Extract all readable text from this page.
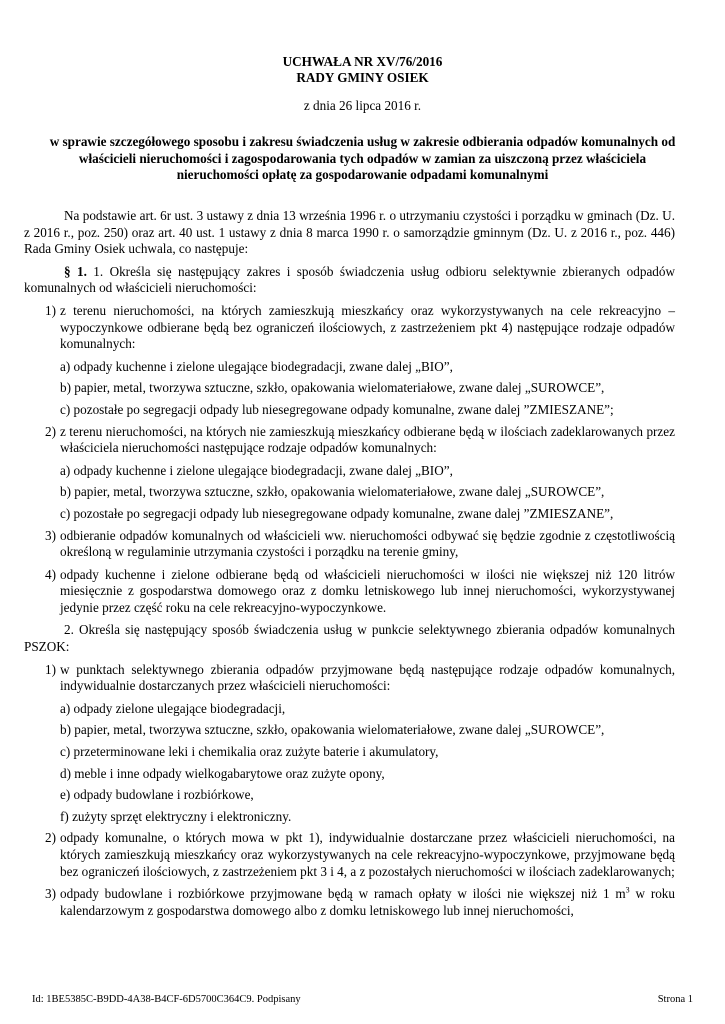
UCHWAŁA NR XV/76/2016
RADY GMINY OSIEK
z dnia 26 lipca 2016 r.
w sprawie szczegółowego sposobu i zakresu świadczenia usług w zakresie odbierania odpadów komunalnych od właścicieli nieruchomości i zagospodarowania tych odpadów w zamian za uiszczoną przez właściciela nieruchomości opłatę za gospodarowanie odpadami komunalnymi

Na podstawie art. 6r ust. 3 ustawy z dnia 13 września 1996 r. o utrzymaniu czystości i porządku w gminach (Dz. U. z 2016 r., poz. 250) oraz art. 40 ust. 1 ustawy z dnia 8 marca 1990 r. o samorządzie gminnym (Dz. U. z 2016 r., poz. 446) Rada Gminy Osiek uchwala, co następuje:

§ 1. 1. Określa się następujący zakres i sposób świadczenia usług odbioru selektywnie zbieranych odpadów komunalnych od właścicieli nieruchomości:

1) z terenu nieruchomości, na których zamieszkują mieszkańcy oraz wykorzystywanych na cele rekreacyjno – wypoczynkowe odbierane będą bez ograniczeń ilościowych, z zastrzeżeniem pkt 4) następujące rodzaje odpadów komunalnych:
a) odpady kuchenne i zielone ulegające biodegradacji, zwane dalej „BIO”,
b) papier, metal, tworzywa sztuczne, szkło, opakowania wielomateriałowe, zwane dalej „SUROWCE”,
c) pozostałe po segregacji odpady lub niesegregowane odpady komunalne, zwane dalej ”ZMIESZANE”;
2) z terenu nieruchomości, na których nie zamieszkują mieszkańcy odbierane będą w ilościach zadeklarowanych przez właściciela nieruchomości następujące rodzaje odpadów komunalnych:
a) odpady kuchenne i zielone ulegające biodegradacji, zwane dalej „BIO”,
b) papier, metal, tworzywa sztuczne, szkło, opakowania wielomateriałowe, zwane dalej „SUROWCE”,
c) pozostałe po segregacji odpady lub niesegregowane odpady komunalne, zwane dalej ”ZMIESZANE”,
3) odbieranie odpadów komunalnych od właścicieli ww. nieruchomości odbywać się będzie zgodnie z częstotliwością określoną w regulaminie utrzymania czystości i porządku na terenie gminy,
4) odpady kuchenne i zielone odbierane będą od właścicieli nieruchomości w ilości nie większej niż 120 litrów miesięcznie z gospodarstwa domowego oraz z domku letniskowego lub innej nieruchomości, wykorzystywanej jedynie przez część roku na cele rekreacyjno-wypoczynkowe.

2. Określa się następujący sposób świadczenia usług w punkcie selektywnego zbierania odpadów komunalnych PSZOK:

1) w punktach selektywnego zbierania odpadów przyjmowane będą następujące rodzaje odpadów komunalnych, indywidualnie dostarczanych przez właścicieli nieruchomości:
a) odpady zielone ulegające biodegradacji,
b) papier, metal, tworzywa sztuczne, szkło, opakowania wielomateriałowe, zwane dalej „SUROWCE”,
c) przeterminowane leki i chemikalia oraz zużyte baterie i akumulatory,
d) meble i inne odpady wielkogabarytowe oraz zużyte opony,
e) odpady budowlane i rozbiórkowe,
f) zużyty sprzęt elektryczny i elektroniczny.
2) odpady komunalne, o których mowa w pkt 1), indywidualnie dostarczane przez właścicieli nieruchomości, na których zamieszkują mieszkańcy oraz wykorzystywanych na cele rekreacyjno-wypoczynkowe, przyjmowane będą bez ograniczeń ilościowych, z zastrzeżeniem pkt 3 i 4, a z pozostałych nieruchomości w ilościach zadeklarowanych;
3) odpady budowlane i rozbiórkowe przyjmowane będą w ramach opłaty w ilości nie większej niż 1 $m^3$ w roku kalendarzowym z gospodarstwa domowego albo z domku letniskowego lub innej nieruchomości,
Id: 1BE5385C-B9DD-4A38-B4CF-6D5700C364C9. Podpisany	Strona 1
